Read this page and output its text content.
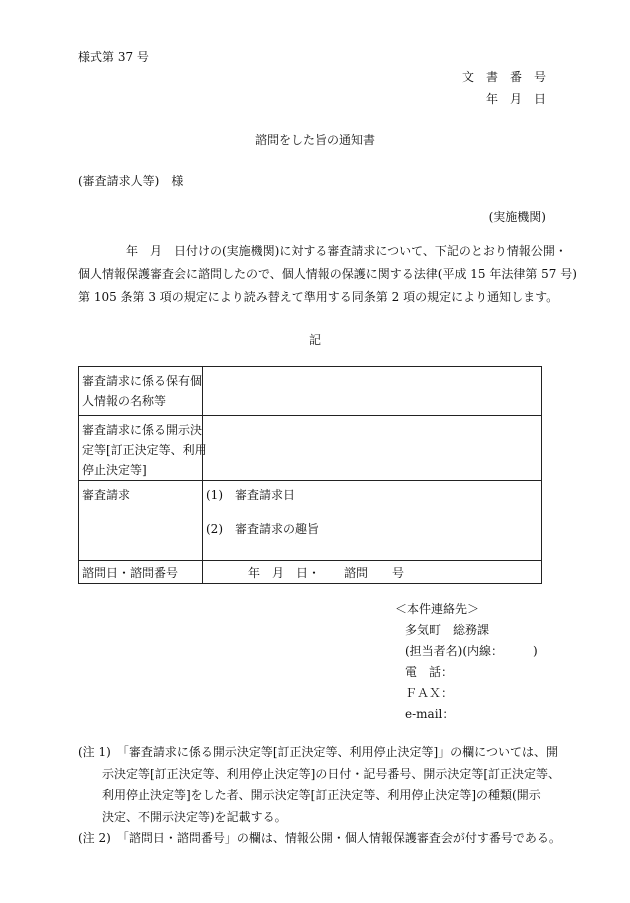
様式第 37 号
文　書　番　号
年　月　日
諮問をした旨の通知書
(審査請求人等)　様
(実施機関)
年　月　日付けの(実施機関)に対する審査請求について、下記のとおり情報公開・
個人情報保護審査会に諮問したので、個人情報の保護に関する法律(平成 15 年法律第 57 号)
第 105 条第 3 項の規定により読み替えて準用する同条第 2 項の規定により通知します。
記
審査請求に係る保有個
人情報の名称等	

審査請求に係る開示決
定等[訂正決定等、利用
停止決定等]	

審査請求	(1)　審査請求日
(2)　審査請求の趣旨

諮問日・諮問番号	年　月　日・　　諮問　　号
＜本件連絡先＞
多気町　総務課
(担当者名)(内線：　　　)
電　話：
ＦＡＸ：
e-mail：
(注 1)　「審査請求に係る開示決定等[訂正決定等、利用停止決定等]」の欄については、開
示決定等[訂正決定等、利用停止決定等]の日付・記号番号、開示決定等[訂正決定等、
利用停止決定等]をした者、開示決定等[訂正決定等、利用停止決定等]の種類(開示
決定、不開示決定等)を記載する。
(注 2)　「諮問日・諮問番号」の欄は、情報公開・個人情報保護審査会が付す番号である。
